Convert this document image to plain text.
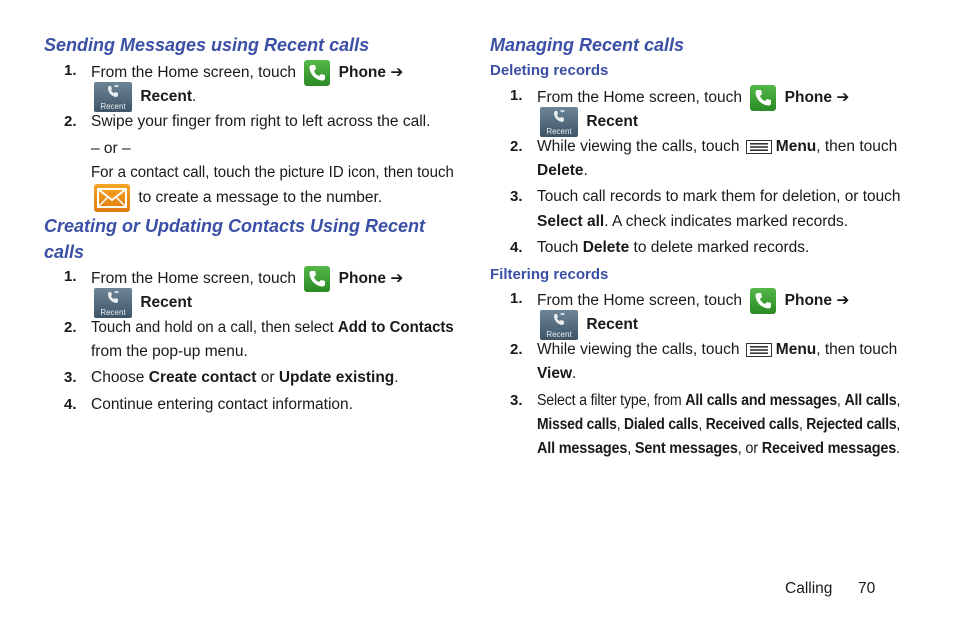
Sending Messages using Recent calls
1. From the Home screen, touch	Phone ➔
Recent
Recent.
2. Swipe your finger from right to left across the call.
– or –
For a contact call, touch the picture ID icon, then touch
to create a message to the number.
Creating or Updating Contacts Using Recent
calls
1. From the Home screen, touch	Phone ➔
Recent
Recent
2. Touch and hold on a call, then select Add to Contacts
from the pop-up menu.
3. Choose Create contact or Update existing.
4. Continue entering contact information.
Managing Recent calls
Deleting records
1. From the Home screen, touch	Phone ➔
Recent
Recent
2. While viewing the calls, touch Menu, then touch
Delete.
3. Touch call records to mark them for deletion, or touch
Select all. A check indicates marked records.
4. Touch Delete to delete marked records.
Filtering records
1. From the Home screen, touch	Phone ➔
Recent
Recent
2. While viewing the calls, touch Menu, then touch
View.
3. Select a filter type, from All calls and messages, All calls,
Missed calls, Dialed calls, Received calls, Rejected calls,
All messages, Sent messages, or Received messages.
Calling 70
